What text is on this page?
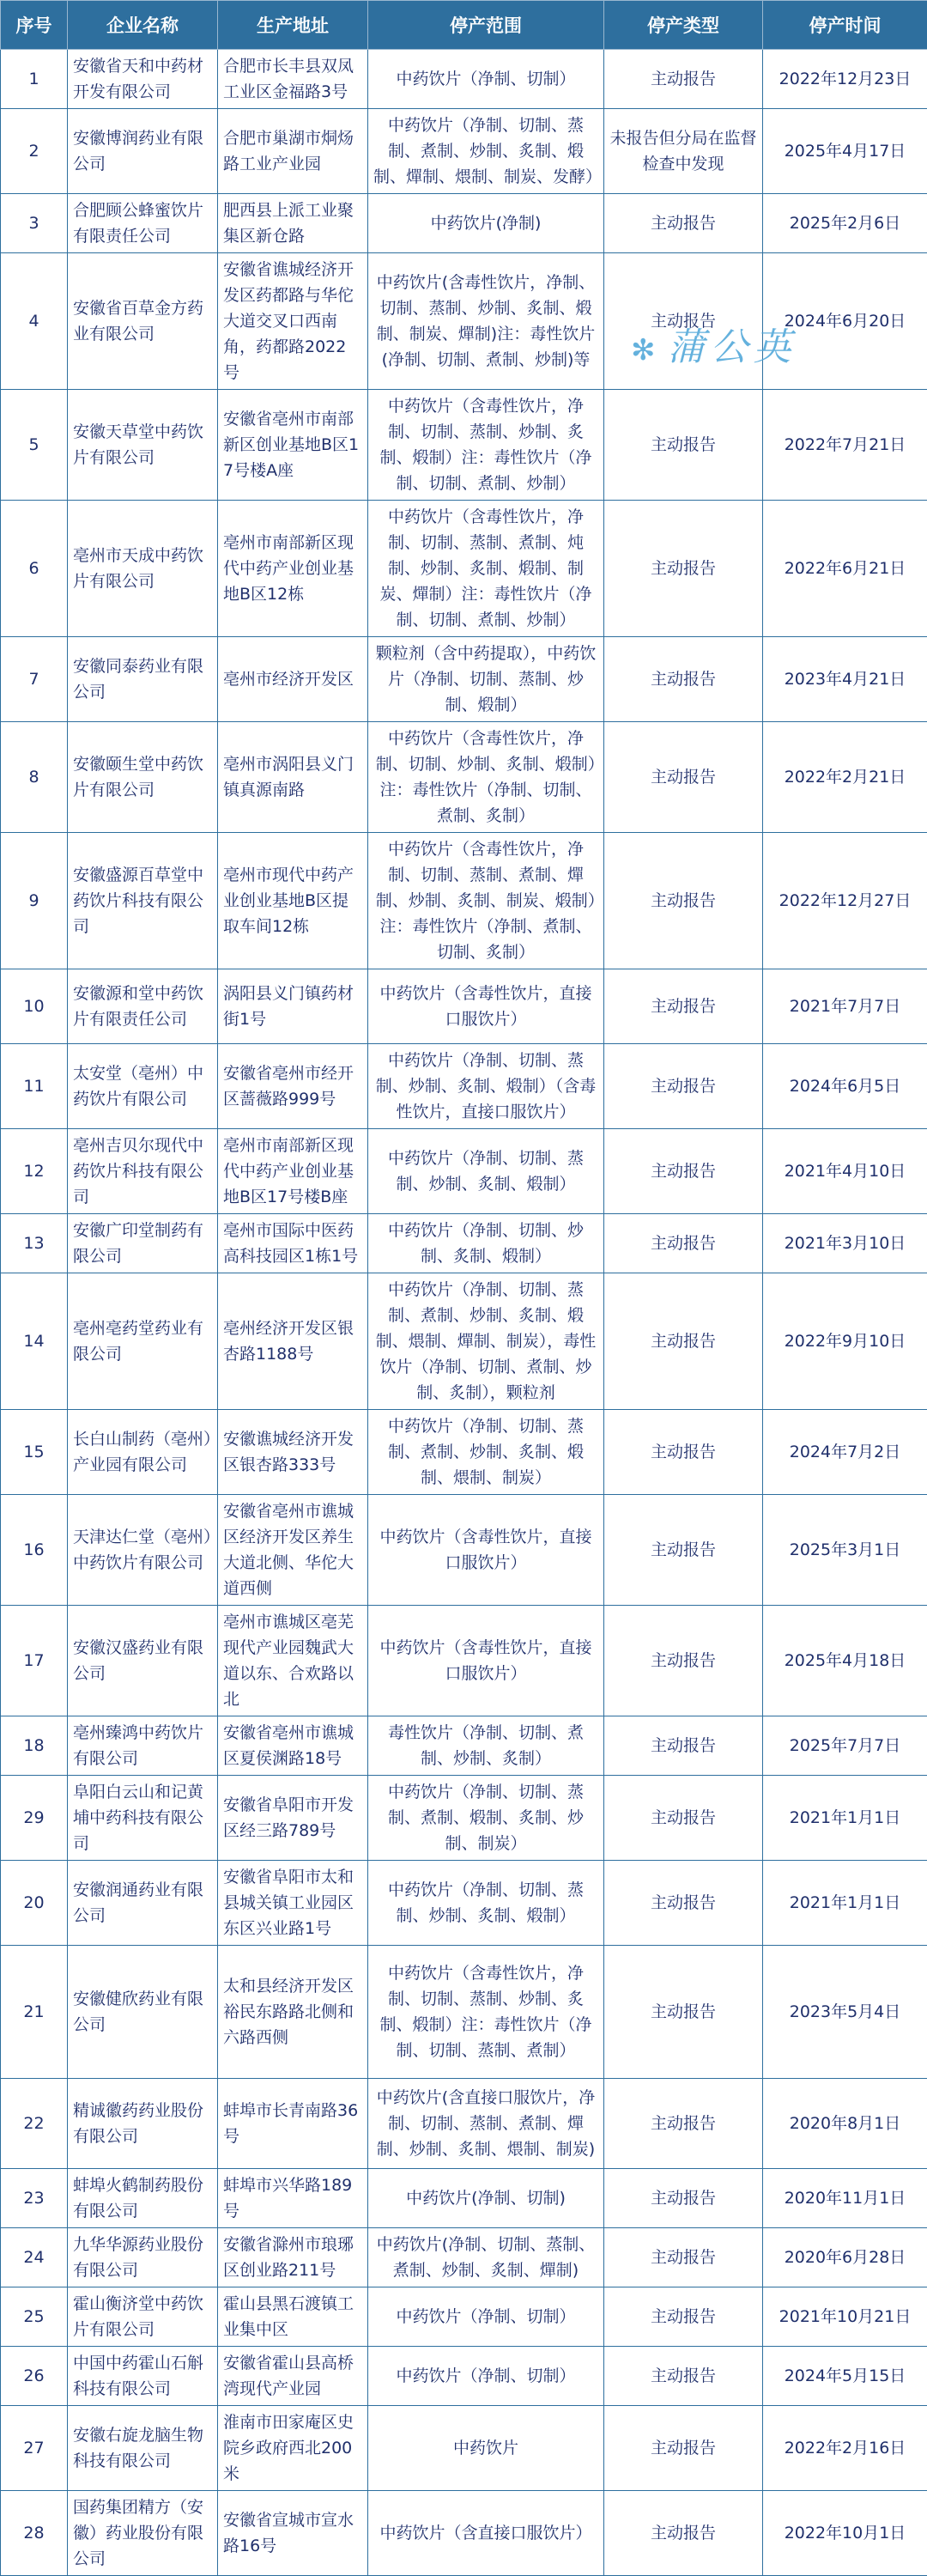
序号	企业名称	生产地址	停产范围	停产类型	停产时间
1	安徽省天和中药材开发有限公司	合肥市长丰县双凤工业区金福路3号	中药饮片（净制、切制）	主动报告	2022年12月23日
2	安徽博润药业有限公司	合肥市巢湖市烔炀路工业产业园	中药饮片（净制、切制、蒸制、煮制、炒制、炙制、煅制、燀制、煨制、制炭、发酵）	未报告但分局在监督检查中发现	2025年4月17日
3	合肥顾公蜂蜜饮片有限责任公司	肥西县上派工业聚集区新仓路	中药饮片(净制)	主动报告	2025年2月6日
4	安徽省百草金方药业有限公司	安徽省谯城经济开发区药都路与华佗大道交叉口西南角，药都路2022号	中药饮片(含毒性饮片，净制、切制、蒸制、炒制、炙制、煅制、制炭、燀制)注：毒性饮片(净制、切制、煮制、炒制)等	主动报告	2024年6月20日
5	安徽天草堂中药饮片有限公司	安徽省亳州市南部新区创业基地B区17号楼A座	中药饮片（含毒性饮片，净制、切制、蒸制、炒制、炙制、煅制）注：毒性饮片（净制、切制、煮制、炒制）	主动报告	2022年7月21日
6	亳州市天成中药饮片有限公司	亳州市南部新区现代中药产业创业基地B区12栋	中药饮片（含毒性饮片，净制、切制、蒸制、煮制、炖制、炒制、炙制、煅制、制炭、燀制）注：毒性饮片（净制、切制、煮制、炒制）	主动报告	2022年6月21日
7	安徽同泰药业有限公司	亳州市经济开发区	颗粒剂（含中药提取），中药饮片（净制、切制、蒸制、炒制、煅制）	主动报告	2023年4月21日
8	安徽颐生堂中药饮片有限公司	亳州市涡阳县义门镇真源南路	中药饮片（含毒性饮片，净制、切制、炒制、炙制、煅制）注：毒性饮片（净制、切制、煮制、炙制）	主动报告	2022年2月21日
9	安徽盛源百草堂中药饮片科技有限公司	亳州市现代中药产业创业基地B区提取车间12栋	中药饮片（含毒性饮片，净制、切制、蒸制、煮制、燀制、炒制、炙制、制炭、煅制）注：毒性饮片（净制、煮制、切制、炙制）	主动报告	2022年12月27日
10	安徽源和堂中药饮片有限责任公司	涡阳县义门镇药材街1号	中药饮片（含毒性饮片，直接口服饮片）	主动报告	2021年7月7日
11	太安堂（亳州）中药饮片有限公司	安徽省亳州市经开区蔷薇路999号	中药饮片（净制、切制、蒸制、炒制、炙制、煅制）（含毒性饮片，直接口服饮片）	主动报告	2024年6月5日
12	亳州吉贝尔现代中药饮片科技有限公司	亳州市南部新区现代中药产业创业基地B区17号楼B座	中药饮片（净制、切制、蒸制、炒制、炙制、煅制）	主动报告	2021年4月10日
13	安徽广印堂制药有限公司	亳州市国际中医药高科技园区1栋1号	中药饮片（净制、切制、炒制、炙制、煅制）	主动报告	2021年3月10日
14	亳州亳药堂药业有限公司	亳州经济开发区银杏路1188号	中药饮片（净制、切制、蒸制、煮制、炒制、炙制、煅制、煨制、燀制、制炭），毒性饮片（净制、切制、煮制、炒制、炙制），颗粒剂	主动报告	2022年9月10日
15	长白山制药（亳州）产业园有限公司	安徽谯城经济开发区银杏路333号	中药饮片（净制、切制、蒸制、煮制、炒制、炙制、煅制、煨制、制炭）	主动报告	2024年7月2日
16	天津达仁堂（亳州）中药饮片有限公司	安徽省亳州市谯城区经济开发区养生大道北侧、华佗大道西侧	中药饮片（含毒性饮片，直接口服饮片）	主动报告	2025年3月1日
17	安徽汉盛药业有限公司	亳州市谯城区亳芜现代产业园魏武大道以东、合欢路以北	中药饮片（含毒性饮片，直接口服饮片）	主动报告	2025年4月18日
18	亳州臻鸿中药饮片有限公司	安徽省亳州市谯城区夏侯渊路18号	毒性饮片（净制、切制、煮制、炒制、炙制）	主动报告	2025年7月7日
29	阜阳白云山和记黄埔中药科技有限公司	安徽省阜阳市开发区经三路789号	中药饮片（净制、切制、蒸制、煮制、煅制、炙制、炒制、制炭）	主动报告	2021年1月1日
20	安徽润通药业有限公司	安徽省阜阳市太和县城关镇工业园区东区兴业路1号	中药饮片（净制、切制、蒸制、炒制、炙制、煅制）	主动报告	2021年1月1日
21	安徽健欣药业有限公司	太和县经济开发区裕民东路路北侧和六路西侧	中药饮片（含毒性饮片，净制、切制、蒸制、炒制、炙制、煅制）注：毒性饮片（净制、切制、蒸制、煮制）	主动报告	2023年5月4日
22	精诚徽药药业股份有限公司	蚌埠市长青南路36号	中药饮片(含直接口服饮片，净制、切制、蒸制、煮制、燀制、炒制、炙制、煨制、制炭)	主动报告	2020年8月1日
23	蚌埠火鹤制药股份有限公司	蚌埠市兴华路189号	中药饮片(净制、切制)	主动报告	2020年11月1日
24	九华华源药业股份有限公司	安徽省滁州市琅琊区创业路211号	中药饮片(净制、切制、蒸制、煮制、炒制、炙制、燀制)	主动报告	2020年6月28日
25	霍山衡济堂中药饮片有限公司	霍山县黑石渡镇工业集中区	中药饮片（净制、切制）	主动报告	2021年10月21日
26	中国中药霍山石斛科技有限公司	安徽省霍山县高桥湾现代产业园	中药饮片（净制、切制）	主动报告	2024年5月15日
27	安徽右旋龙脑生物科技有限公司	淮南市田家庵区史院乡政府西北200米	中药饮片	主动报告	2022年2月16日
28	国药集团精方（安徽）药业股份有限公司	安徽省宣城市宣水路16号	中药饮片（含直接口服饮片）	主动报告	2022年10月1日
✻ 蒲公英
